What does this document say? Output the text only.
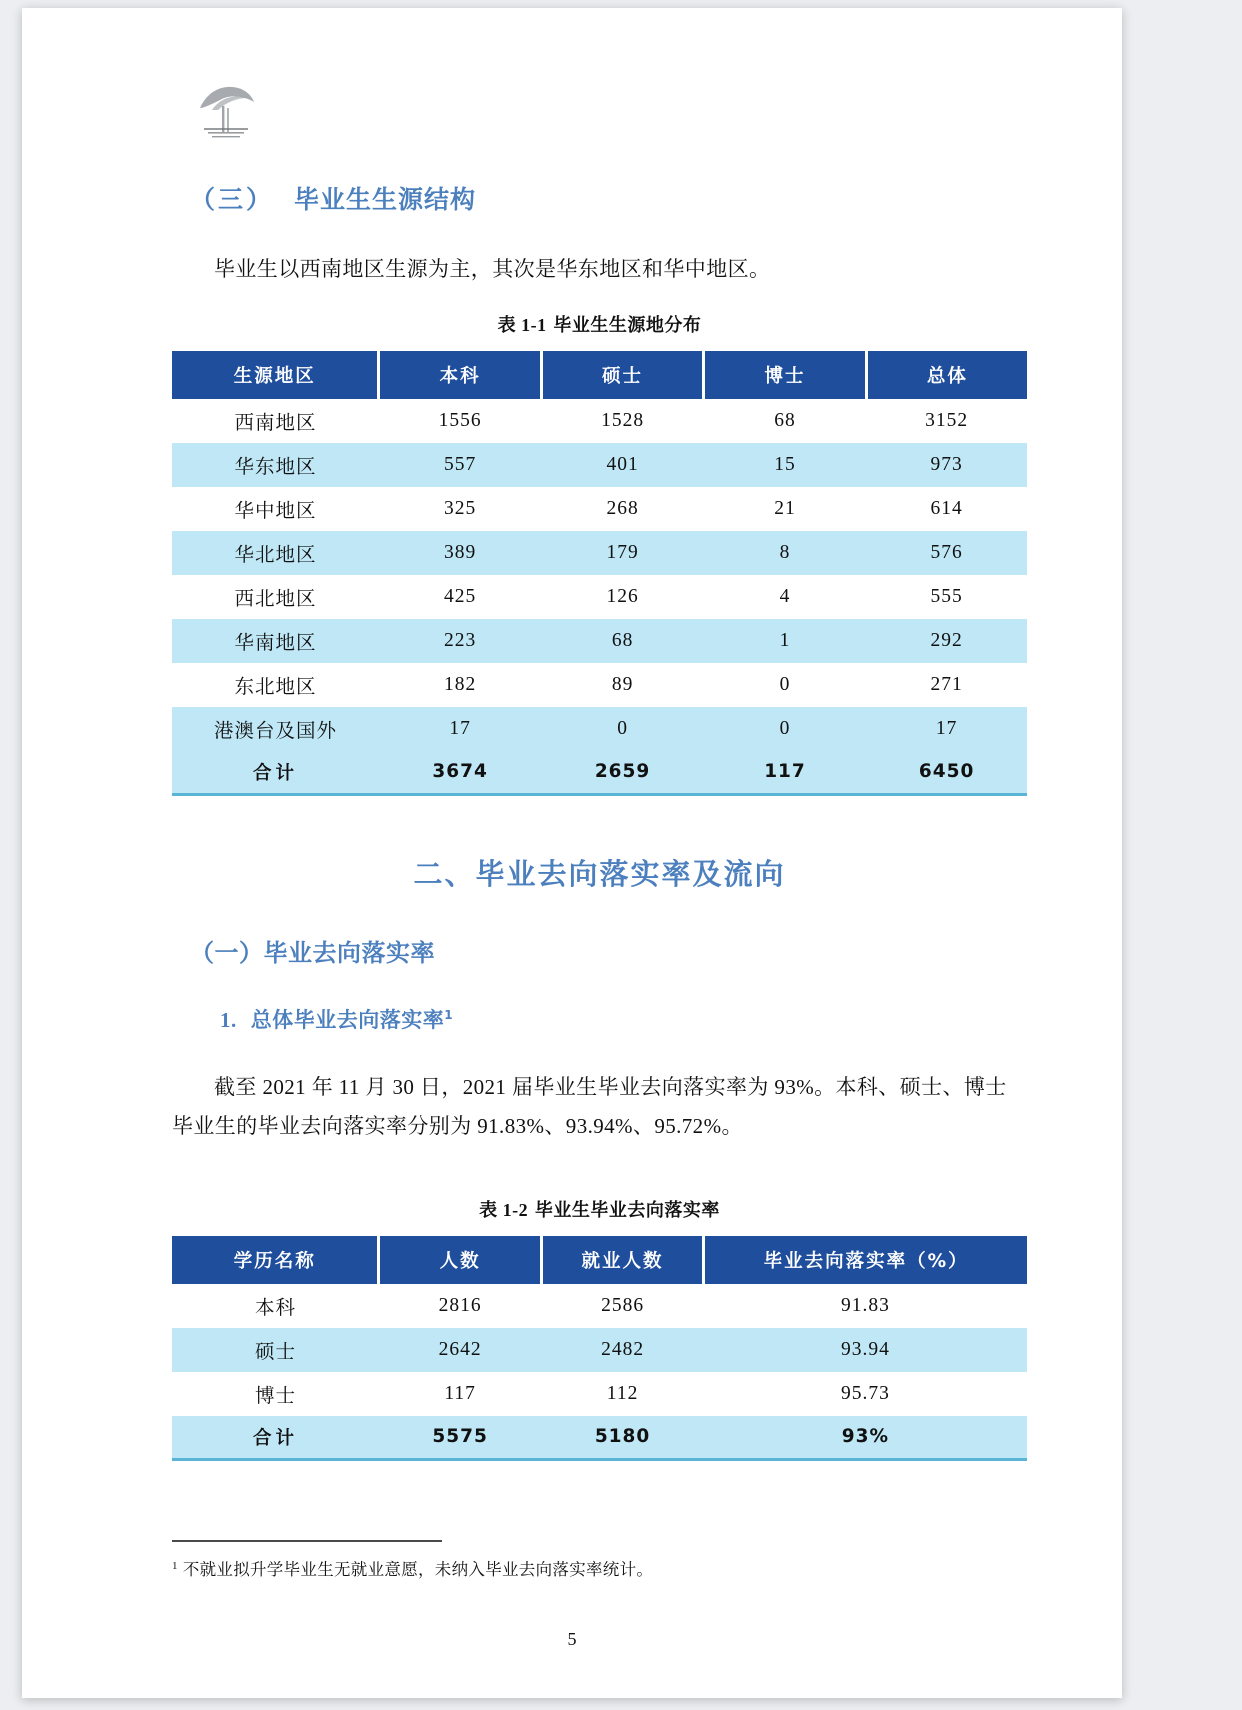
（三） 毕业生生源结构

毕业生以西南地区生源为主，其次是华东地区和华中地区。

表 1-1 毕业生生源地分布
生源地区	本科	硕士	博士	总体
西南地区	1556	1528	68	3152
华东地区	557	401	15	973
华中地区	325	268	21	614
华北地区	389	179	8	576
西北地区	425	126	4	555
华南地区	223	68	1	292
东北地区	182	89	0	271
港澳台及国外	17	0	0	17
合计	3674	2659	117	6450
二、毕业去向落实率及流向
（一）毕业去向落实率
1. 总体毕业去向落实率$^1$

截至 2021 年 11 月 30 日，2021 届毕业生毕业去向落实率为 93%。本科、硕士、博士毕业生的毕业去向落实率分别为 91.83%、93.94%、95.72%。

表 1-2 毕业生毕业去向落实率
学历名称	人数	就业人数	毕业去向落实率（%）
本科	2816	2586	91.83
硕士	2642	2482	93.94
博士	117	112	95.73
合计	5575	5180	93%
$^1$ 不就业拟升学毕业生无就业意愿，未纳入毕业去向落实率统计。
5
